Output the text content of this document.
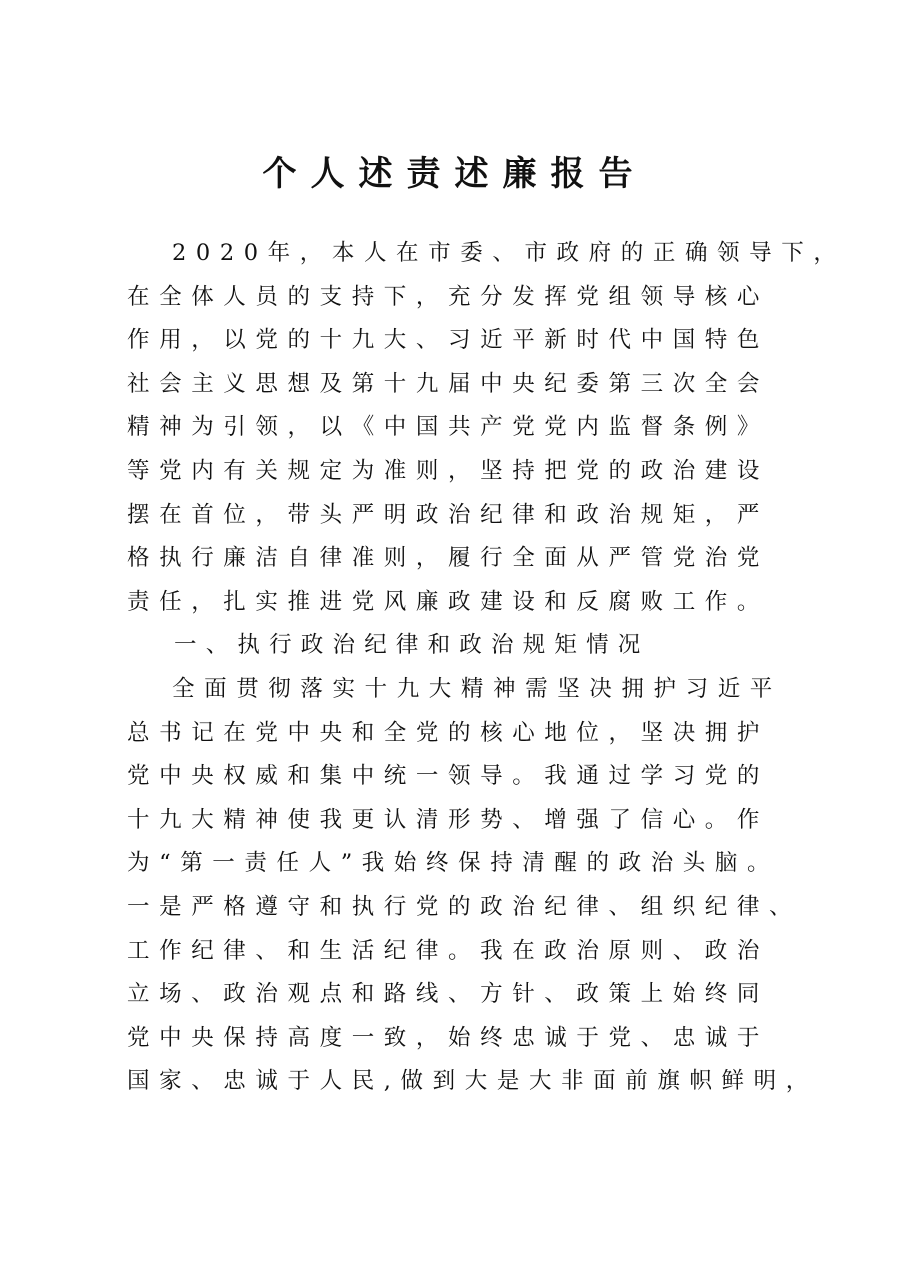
个人述责述廉报告
2020年，本人在市委、市政府的正确领导下，
在全体人员的支持下，充分发挥党组领导核心
作用，以党的十九大、习近平新时代中国特色
社会主义思想及第十九届中央纪委第三次全会
精神为引领，以《中国共产党党内监督条例》
等党内有关规定为准则，坚持把党的政治建设
摆在首位，带头严明政治纪律和政治规矩，严
格执行廉洁自律准则，履行全面从严管党治党
责任，扎实推进党风廉政建设和反腐败工作。
一、执行政治纪律和政治规矩情况
全面贯彻落实十九大精神需坚决拥护习近平
总书记在党中央和全党的核心地位，坚决拥护
党中央权威和集中统一领导。我通过学习党的
十九大精神使我更认清形势、增强了信心。作
为“第一责任人”我始终保持清醒的政治头脑。
一是严格遵守和执行党的政治纪律、组织纪律、
工作纪律、和生活纪律。我在政治原则、政治
立场、政治观点和路线、方针、政策上始终同
党中央保持高度一致，始终忠诚于党、忠诚于
国家、忠诚于人民,做到大是大非面前旗帜鲜明，
